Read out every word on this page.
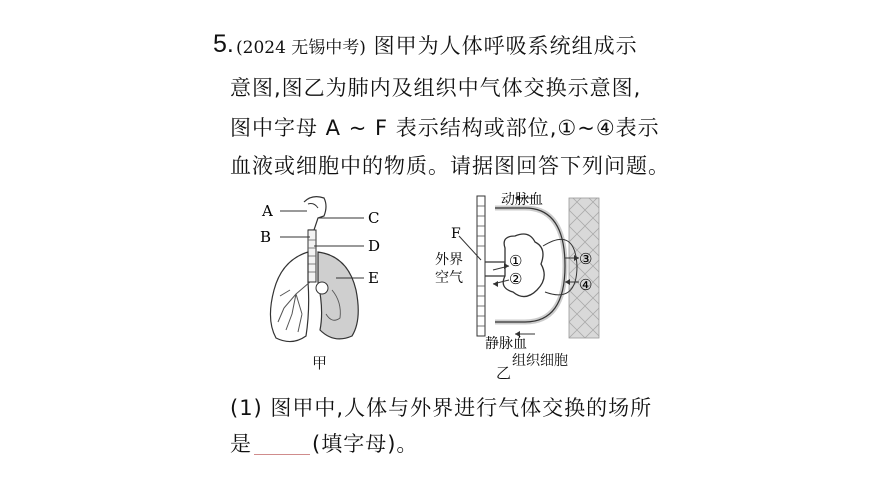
5. (2024 无锡中考) 图甲为人体呼吸系统组成示
意图,图乙为肺内及组织中气体交换示意图,
图中字母 A ~ F 表示结构或部位,①~④表示
血液或细胞中的物质。请据图回答下列问题。
A
B
C
D
E
甲
动脉血
静脉血
F
外界
空气
①
②
③
④
组织细胞
乙
(1) 图甲中,人体与外界进行气体交换的场所
是	(填字母)。
